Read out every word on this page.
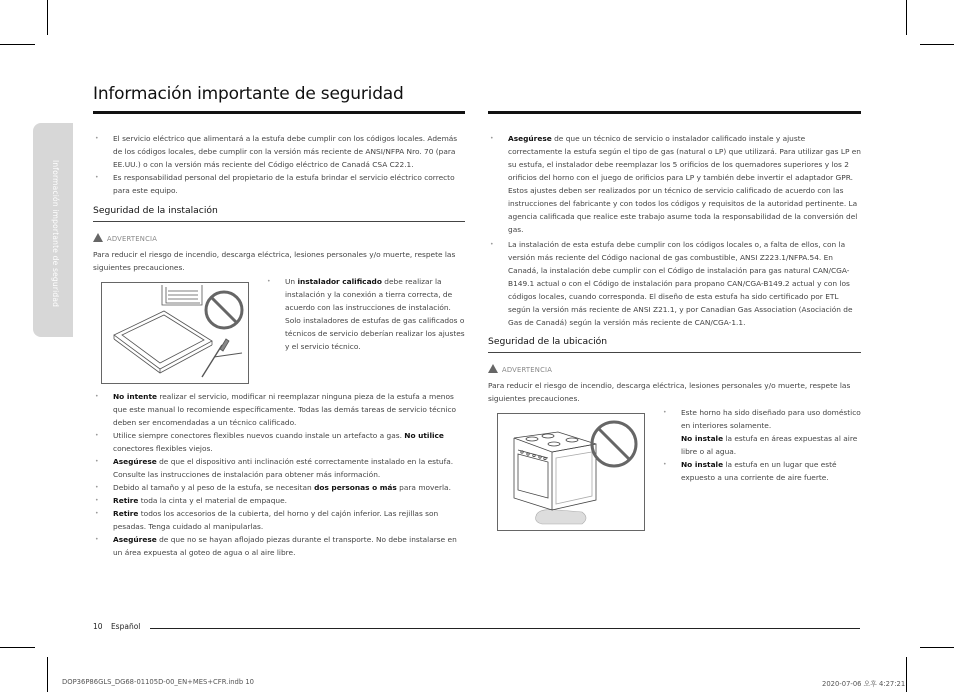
Información importante de seguridad
Información importante de seguridad
• El servicio eléctrico que alimentará a la estufa debe cumplir con los códigos locales. Además de los códigos locales, debe cumplir con la versión más reciente de ANSI/NFPA Nro. 70 (para EE.UU.) o con la versión más reciente del Código eléctrico de Canadá CSA C22.1.
• Es responsabilidad personal del propietario de la estufa brindar el servicio eléctrico correcto para este equipo.
Seguridad de la instalación
ADVERTENCIA
Para reducir el riesgo de incendio, descarga eléctrica, lesiones personales y/o muerte, respete las siguientes precauciones.
• Un instalador calificado debe realizar la instalación y la conexión a tierra correcta, de acuerdo con las instrucciones de instalación. Solo instaladores de estufas de gas calificados o técnicos de servicio deberían realizar los ajustes y el servicio técnico.
• No intente realizar el servicio, modificar ni reemplazar ninguna pieza de la estufa a menos que este manual lo recomiende específicamente. Todas las demás tareas de servicio técnico deben ser encomendadas a un técnico calificado.
• Utilice siempre conectores flexibles nuevos cuando instale un artefacto a gas. No utilice conectores flexibles viejos.
• Asegúrese de que el dispositivo anti inclinación esté correctamente instalado en la estufa. Consulte las instrucciones de instalación para obtener más información.
• Debido al tamaño y al peso de la estufa, se necesitan dos personas o más para moverla.
• Retire toda la cinta y el material de empaque.
• Retire todos los accesorios de la cubierta, del horno y del cajón inferior. Las rejillas son pesadas. Tenga cuidado al manipularlas.
• Asegúrese de que no se hayan aflojado piezas durante el transporte. No debe instalarse en un área expuesta al goteo de agua o al aire libre.
• Asegúrese de que un técnico de servicio o instalador calificado instale y ajuste correctamente la estufa según el tipo de gas (natural o LP) que utilizará. Para utilizar gas LP en su estufa, el instalador debe reemplazar los 5 orificios de los quemadores superiores y los 2 orificios del horno con el juego de orificios para LP y también debe invertir el adaptador GPR. Estos ajustes deben ser realizados por un técnico de servicio calificado de acuerdo con las instrucciones del fabricante y con todos los códigos y requisitos de la autoridad pertinente. La agencia calificada que realice este trabajo asume toda la responsabilidad de la conversión del gas.
• La instalación de esta estufa debe cumplir con los códigos locales o, a falta de ellos, con la versión más reciente del Código nacional de gas combustible, ANSI Z223.1/NFPA.54. En Canadá, la instalación debe cumplir con el Código de instalación para gas natural CAN/CGA-B149.1 actual o con el Código de instalación para propano CAN/CGA-B149.2 actual y con los códigos locales, cuando corresponda. El diseño de esta estufa ha sido certificado por ETL según la versión más reciente de ANSI Z21.1, y por Canadian Gas Association (Asociación de Gas de Canadá) según la versión más reciente de CAN/CGA-1.1.
Seguridad de la ubicación
ADVERTENCIA
Para reducir el riesgo de incendio, descarga eléctrica, lesiones personales y/o muerte, respete las siguientes precauciones.
• Este horno ha sido diseñado para uso doméstico en interiores solamente.
No instale la estufa en áreas expuestas al aire libre o al agua.
• No instale la estufa en un lugar que esté expuesto a una corriente de aire fuerte.
10 Español
DOP36P86GLS_DG68-01105D-00_EN+MES+CFR.indb 10	2020-07-06 오후 4:27:21
